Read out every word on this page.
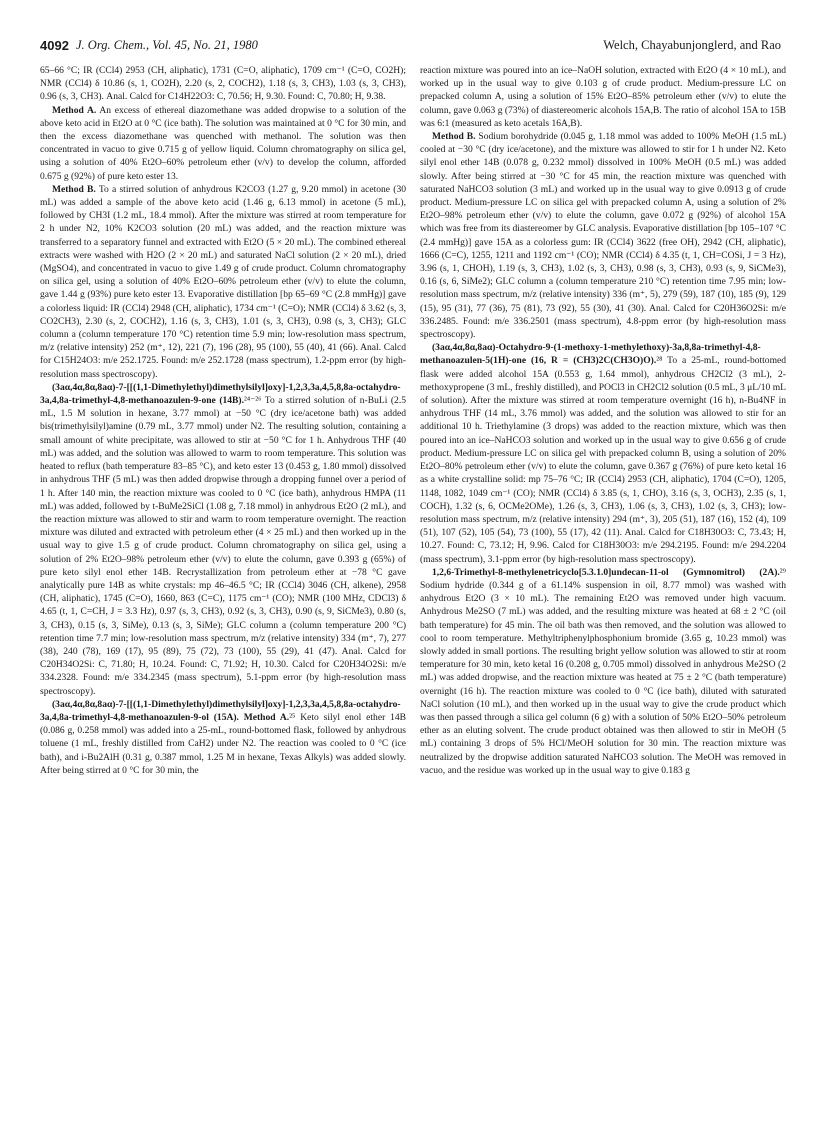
4092 J. Org. Chem., Vol. 45, No. 21, 1980	Welch, Chayabunjonglerd, and Rao

65–66 °C; IR (CCl4) 2953 (CH, aliphatic), 1731 (C=O, aliphatic), 1709 cm⁻¹ (C=O, CO2H); NMR (CCl4) δ 10.86 (s, 1, CO2H), 2.20 (s, 2, COCH2), 1.18 (s, 3, CH3), 1.03 (s, 3, CH3), 0.96 (s, 3, CH3). Anal. Calcd for C14H22O3: C, 70.56; H, 9.30. Found: C, 70.80; H, 9.38.

Method A. An excess of ethereal diazomethane was added dropwise to a solution of the above keto acid in Et2O at 0 °C (ice bath). The solution was maintained at 0 °C for 30 min, and then the excess diazomethane was quenched with methanol. The solution was then concentrated in vacuo to give 0.715 g of yellow liquid. Column chromatography on silica gel, using a solution of 40% Et2O–60% petroleum ether (v/v) to develop the column, afforded 0.675 g (92%) of pure keto ester 13.

Method B. To a stirred solution of anhydrous K2CO3 (1.27 g, 9.20 mmol) in acetone (30 mL) was added a sample of the above keto acid (1.46 g, 6.13 mmol) in acetone (5 mL), followed by CH3I (1.2 mL, 18.4 mmol). After the mixture was stirred at room temperature for 2 h under N2, 10% K2CO3 solution (20 mL) was added, and the reaction mixture was transferred to a separatory funnel and extracted with Et2O (5 × 20 mL). The combined ethereal extracts were washed with H2O (2 × 20 mL) and saturated NaCl solution (2 × 20 mL), dried (MgSO4), and concentrated in vacuo to give 1.49 g of crude product. Column chromatography on silica gel, using a solution of 40% Et2O–60% petroleum ether (v/v) to elute the column, gave 1.44 g (93%) pure keto ester 13. Evaporative distillation [bp 65–69 °C (2.8 mmHg)] gave a colorless liquid: IR (CCl4) 2948 (CH, aliphatic), 1734 cm⁻¹ (C=O); NMR (CCl4) δ 3.62 (s, 3, CO2CH3), 2.30 (s, 2, COCH2), 1.16 (s, 3, CH3), 1.01 (s, 3, CH3), 0.98 (s, 3, CH3); GLC column a (column temperature 170 °C) retention time 5.9 min; low-resolution mass spectrum, m/z (relative intensity) 252 (m⁺, 12), 221 (7), 196 (28), 95 (100), 55 (40), 41 (66). Anal. Calcd for C15H24O3: m/e 252.1725. Found: m/e 252.1728 (mass spectrum), 1.2-ppm error (by high-resolution mass spectroscopy).

(3aα,4α,8α,8aα)-7-[[(1,1-Dimethylethyl)dimethylsilyl]oxy]-1,2,3,3a,4,5,8,8a-octahydro-3a,4,8a-trimethyl-4,8-methanoazulen-9-one (14B).²⁴⁻²⁶ To a stirred solution of n-BuLi (2.5 mL, 1.5 M solution in hexane, 3.77 mmol) at −50 °C (dry ice/acetone bath) was added bis(trimethylsilyl)amine (0.79 mL, 3.77 mmol) under N2. The resulting solution, containing a small amount of white precipitate, was allowed to stir at −50 °C for 1 h. Anhydrous THF (40 mL) was added, and the solution was allowed to warm to room temperature. This solution was heated to reflux (bath temperature 83–85 °C), and keto ester 13 (0.453 g, 1.80 mmol) dissolved in anhydrous THF (5 mL) was then added dropwise through a dropping funnel over a period of 1 h. After 140 min, the reaction mixture was cooled to 0 °C (ice bath), anhydrous HMPA (11 mL) was added, followed by t-BuMe2SiCl (1.08 g, 7.18 mmol) in anhydrous Et2O (2 mL), and the reaction mixture was allowed to stir and warm to room temperature overnight. The reaction mixture was diluted and extracted with petroleum ether (4 × 25 mL) and then worked up in the usual way to give 1.5 g of crude product. Column chromatography on silica gel, using a solution of 2% Et2O–98% petroleum ether (v/v) to elute the column, gave 0.393 g (65%) of pure keto silyl enol ether 14B. Recrystallization from petroleum ether at −78 °C gave analytically pure 14B as white crystals: mp 46–46.5 °C; IR (CCl4) 3046 (CH, alkene), 2958 (CH, aliphatic), 1745 (C=O), 1660, 863 (C=C), 1175 cm⁻¹ (CO); NMR (100 MHz, CDCl3) δ 4.65 (t, 1, C=CH, J = 3.3 Hz), 0.97 (s, 3, CH3), 0.92 (s, 3, CH3), 0.90 (s, 9, SiCMe3), 0.80 (s, 3, CH3), 0.15 (s, 3, SiMe), 0.13 (s, 3, SiMe); GLC column a (column temperature 200 °C) retention time 7.7 min; low-resolution mass spectrum, m/z (relative intensity) 334 (m⁺, 7), 277 (38), 240 (78), 169 (17), 95 (89), 75 (72), 73 (100), 55 (29), 41 (47). Anal. Calcd for C20H34O2Si: C, 71.80; H, 10.24. Found: C, 71.92; H, 10.30. Calcd for C20H34O2Si: m/e 334.2328. Found: m/e 334.2345 (mass spectrum), 5.1-ppm error (by high-resolution mass spectroscopy).

(3aα,4α,8α,8aα)-7-[[(1,1-Dimethylethyl)dimethylsilyl]oxy]-1,2,3,3a,4,5,8,8a-octahydro-3a,4,8a-trimethyl-4,8-methanoazulen-9-ol (15A). Method A.²⁵ Keto silyl enol ether 14B (0.086 g, 0.258 mmol) was added into a 25-mL, round-bottomed flask, followed by anhydrous toluene (1 mL, freshly distilled from CaH2) under N2. The reaction was cooled to 0 °C (ice bath), and i-Bu2AlH (0.31 g, 0.387 mmol, 1.25 M in hexane, Texas Alkyls) was added slowly. After being stirred at 0 °C for 30 min, the

reaction mixture was poured into an ice–NaOH solution, extracted with Et2O (4 × 10 mL), and worked up in the usual way to give 0.103 g of crude product. Medium-pressure LC on prepacked column A, using a solution of 15% Et2O–85% petroleum ether (v/v) to elute the column, gave 0.063 g (73%) of diastereomeric alcohols 15A,B. The ratio of alcohol 15A to 15B was 6:1 (measured as keto acetals 16A,B).

Method B. Sodium borohydride (0.045 g, 1.18 mmol was added to 100% MeOH (1.5 mL) cooled at −30 °C (dry ice/acetone), and the mixture was allowed to stir for 1 h under N2. Keto silyl enol ether 14B (0.078 g, 0.232 mmol) dissolved in 100% MeOH (0.5 mL) was added slowly. After being stirred at −30 °C for 45 min, the reaction mixture was quenched with saturated NaHCO3 solution (3 mL) and worked up in the usual way to give 0.0913 g of crude product. Medium-pressure LC on silica gel with prepacked column A, using a solution of 2% Et2O–98% petroleum ether (v/v) to elute the column, gave 0.072 g (92%) of alcohol 15A which was free from its diastereomer by GLC analysis. Evaporative distillation [bp 105–107 °C (2.4 mmHg)] gave 15A as a colorless gum: IR (CCl4) 3622 (free OH), 2942 (CH, aliphatic), 1666 (C=C), 1255, 1211 and 1192 cm⁻¹ (CO); NMR (CCl4) δ 4.35 (t, 1, CH=COSi, J = 3 Hz), 3.96 (s, 1, CHOH), 1.19 (s, 3, CH3), 1.02 (s, 3, CH3), 0.98 (s, 3, CH3), 0.93 (s, 9, SiCMe3), 0.16 (s, 6, SiMe2); GLC column a (column temperature 210 °C) retention time 7.95 min; low-resolution mass spectrum, m/z (relative intensity) 336 (m⁺, 5), 279 (59), 187 (10), 185 (9), 129 (15), 95 (31), 77 (36), 75 (81), 73 (92), 55 (30), 41 (30). Anal. Calcd for C20H36O2Si: m/e 336.2485. Found: m/e 336.2501 (mass spectrum), 4.8-ppm error (by high-resolution mass spectroscopy).

(3aα,4α,8α,8aα)-Octahydro-9-(1-methoxy-1-methylethoxy)-3a,8,8a-trimethyl-4,8-methanoazulen-5(1H)-one (16, R = (CH3)2C(CH3O)O).²⁸ To a 25-mL, round-bottomed flask were added alcohol 15A (0.553 g, 1.64 mmol), anhydrous CH2Cl2 (3 mL), 2-methoxypropene (3 mL, freshly distilled), and POCl3 in CH2Cl2 solution (0.5 mL, 3 μL/10 mL of solution). After the mixture was stirred at room temperature overnight (16 h), n-Bu4NF in anhydrous THF (14 mL, 3.76 mmol) was added, and the solution was allowed to stir for an additional 10 h. Triethylamine (3 drops) was added to the reaction mixture, which was then poured into an ice–NaHCO3 solution and worked up in the usual way to give 0.656 g of crude product. Medium-pressure LC on silica gel with prepacked column B, using a solution of 20% Et2O–80% petroleum ether (v/v) to elute the column, gave 0.367 g (76%) of pure keto ketal 16 as a white crystalline solid: mp 75–76 °C; IR (CCl4) 2953 (CH, aliphatic), 1704 (C=O), 1205, 1148, 1082, 1049 cm⁻¹ (CO); NMR (CCl4) δ 3.85 (s, 1, CHO), 3.16 (s, 3, OCH3), 2.35 (s, 1, COCH), 1.32 (s, 6, OCMe2OMe), 1.26 (s, 3, CH3), 1.06 (s, 3, CH3), 1.02 (s, 3, CH3); low-resolution mass spectrum, m/z (relative intensity) 294 (m⁺, 3), 205 (51), 187 (16), 152 (4), 109 (51), 107 (52), 105 (54), 73 (100), 55 (17), 42 (11). Anal. Calcd for C18H30O3: C, 73.43; H, 10.27. Found: C, 73.12; H, 9.96. Calcd for C18H30O3: m/e 294.2195. Found: m/e 294.2204 (mass spectrum), 3.1-ppm error (by high-resolution mass spectroscopy).

1,2,6-Trimethyl-8-methylenetricyclo[5.3.1.0]undecan-11-ol (Gymnomitrol) (2A).²⁹ Sodium hydride (0.344 g of a 61.14% suspension in oil, 8.77 mmol) was washed with anhydrous Et2O (3 × 10 mL). The remaining Et2O was removed under high vacuum. Anhydrous Me2SO (7 mL) was added, and the resulting mixture was heated at 68 ± 2 °C (oil bath temperature) for 45 min. The oil bath was then removed, and the solution was allowed to cool to room temperature. Methyltriphenylphosphonium bromide (3.65 g, 10.23 mmol) was slowly added in small portions. The resulting bright yellow solution was allowed to stir at room temperature for 30 min, keto ketal 16 (0.208 g, 0.705 mmol) dissolved in anhydrous Me2SO (2 mL) was added dropwise, and the reaction mixture was heated at 75 ± 2 °C (bath temperature) overnight (16 h). The reaction mixture was cooled to 0 °C (ice bath), diluted with saturated NaCl solution (10 mL), and then worked up in the usual way to give the crude product which was then passed through a silica gel column (6 g) with a solution of 50% Et2O–50% petroleum ether as an eluting solvent. The crude product obtained was then allowed to stir in MeOH (5 mL) containing 3 drops of 5% HCl/MeOH solution for 30 min. The reaction mixture was neutralized by the dropwise addition saturated NaHCO3 solution. The MeOH was removed in vacuo, and the residue was worked up in the usual way to give 0.183 g
